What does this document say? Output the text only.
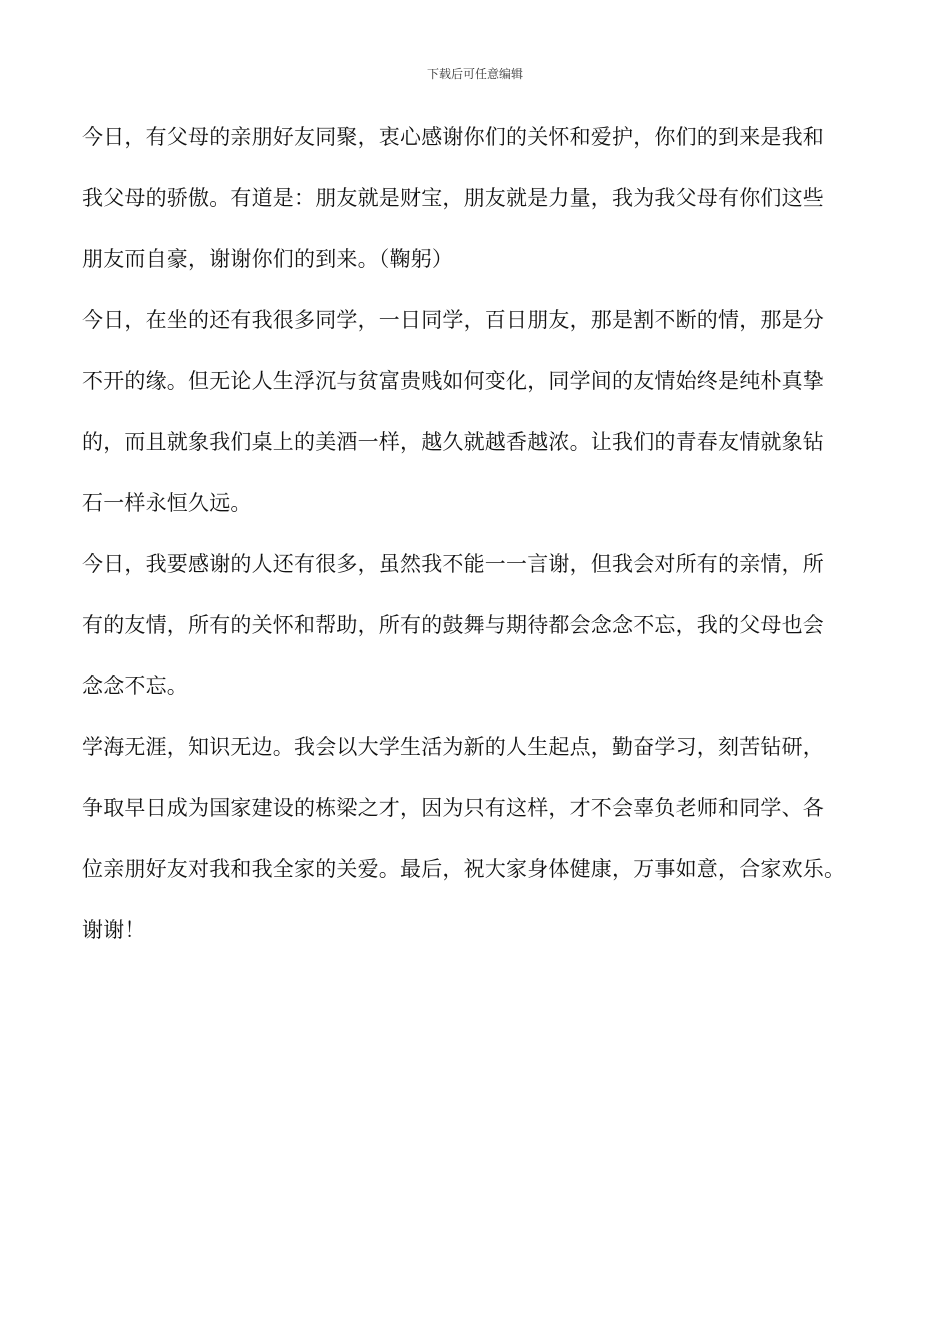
下载后可任意编辑
今日，有父母的亲朋好友同聚，衷心感谢你们的关怀和爱护，你们的到来是我和
我父母的骄傲。有道是：朋友就是财宝，朋友就是力量，我为我父母有你们这些
朋友而自豪，谢谢你们的到来。（鞠躬）
今日，在坐的还有我很多同学，一日同学，百日朋友，那是割不断的情，那是分
不开的缘。但无论人生浮沉与贫富贵贱如何变化，同学间的友情始终是纯朴真挚
的，而且就象我们桌上的美酒一样，越久就越香越浓。让我们的青春友情就象钻
石一样永恒久远。
今日，我要感谢的人还有很多，虽然我不能一一言谢，但我会对所有的亲情，所
有的友情，所有的关怀和帮助，所有的鼓舞与期待都会念念不忘，我的父母也会
念念不忘。
学海无涯，知识无边。我会以大学生活为新的人生起点，勤奋学习，刻苦钻研，
争取早日成为国家建设的栋梁之才，因为只有这样，才不会辜负老师和同学、各
位亲朋好友对我和我全家的关爱。最后，祝大家身体健康，万事如意，合家欢乐。
谢谢！
